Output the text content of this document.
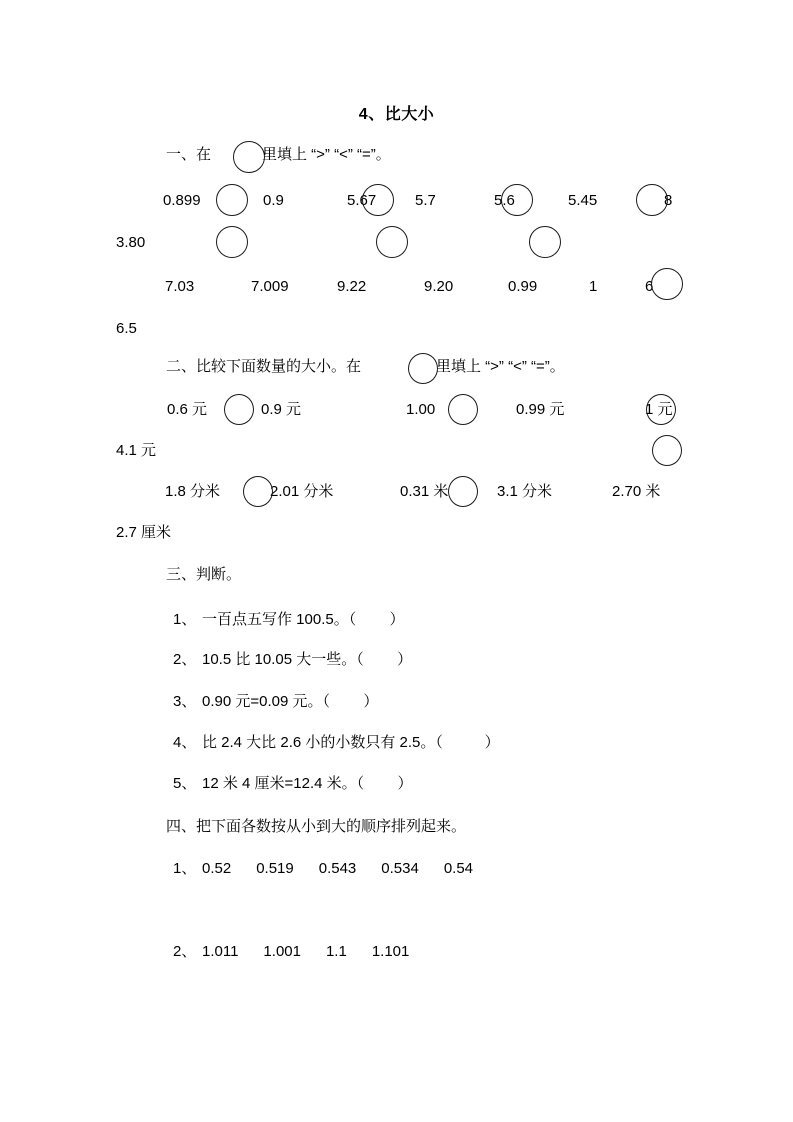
4、比大小
一、在	里填上 “>” “<” “=”。
0.899	0.9	5.67	5.7	5.6	5.45	8
3.80
7.03	7.009	9.22	9.20	0.99	1	6
6.5
二、比较下面数量的大小。在	里填上 “>” “<” “=”。
0.6 元	0.9 元	1.00	0.99 元	1 元
4.1 元
1.8 分米	2.01 分米	0.31 米	3.1 分米	2.70 米
2.7 厘米
三、判断。
1、 一百点五写作 100.5。（        ）
2、 10.5 比 10.05 大一些。（        ）
3、 0.90 元=0.09 元。（        ）
4、 比 2.4 大比 2.6 小的小数只有 2.5。（          ）
5、 12 米 4 厘米=12.4 米。（        ）
四、把下面各数按从小到大的顺序排列起来。
1、 0.52      0.519      0.543      0.534      0.54
2、 1.011      1.001      1.1      1.101
